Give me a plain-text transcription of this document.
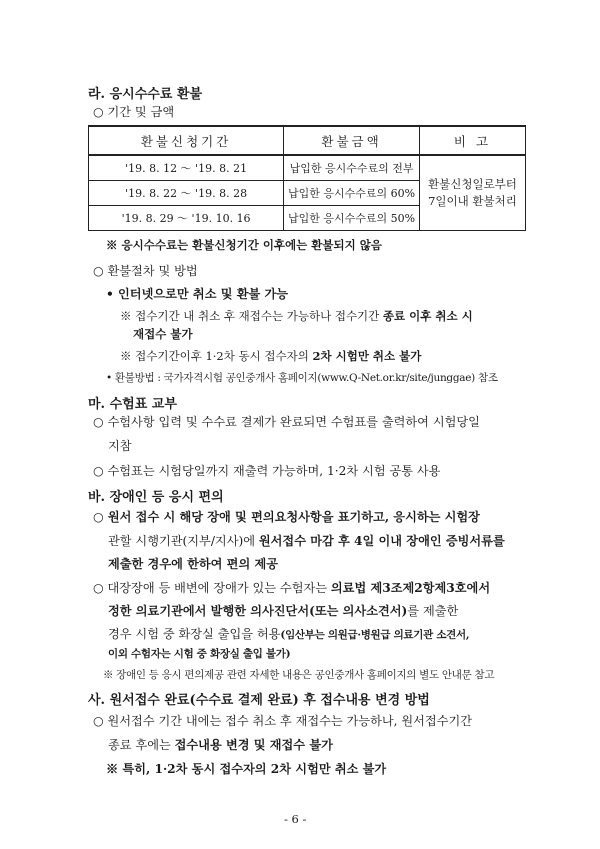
라. 응시수수료 환불
○ 기간 및 금액
환불신청기간	환불금액	비 고
'19. 8. 12 ～ '19. 8. 21	납입한 응시수수료의 전부	환불신청일로부터
7일이내 환불처리

'19. 8. 22 ～ '19. 8. 28	납입한 응시수수료의 60%	
'19. 8. 29 ～ '19. 10. 16	납입한 응시수수료의 50%	
※ 응시수수료는 환불신청기간 이후에는 환불되지 않음
○ 환불절차 및 방법
• 인터넷으로만 취소 및 환불 가능
※ 접수기간 내 취소 후 재접수는 가능하나 접수기간 종료 이후 취소 시
재접수 불가
※ 접수기간이후 1·2차 동시 접수자의 2차 시험만 취소 불가
• 환불방법 : 국가자격시험 공인중개사 홈페이지(www.Q-Net.or.kr/site/junggae) 참조
마. 수험표 교부
○ 수험사항 입력 및 수수료 결제가 완료되면 수험표를 출력하여 시험당일
지참
○ 수험표는 시험당일까지 재출력 가능하며, 1·2차 시험 공통 사용
바. 장애인 등 응시 편의
○ 원서 접수 시 해당 장애 및 편의요청사항을 표기하고, 응시하는 시험장
관할 시행기관(지부/지사)에 원서접수 마감 후 4일 이내 장애인 증빙서류를
제출한 경우에 한하여 편의 제공
○ 대장장애 등 배변에 장애가 있는 수험자는 의료법 제3조제2항제3호에서
정한 의료기관에서 발행한 의사진단서(또는 의사소견서)를 제출한
경우 시험 중 화장실 출입을 허용(임산부는 의원급·병원급 의료기관 소견서,
이외 수험자는 시험 중 화장실 출입 불가)
※ 장애인 등 응시 편의제공 관련 자세한 내용은 공인중개사 홈페이지의 별도 안내문 참고
사. 원서접수 완료(수수료 결제 완료) 후 접수내용 변경 방법
○ 원서접수 기간 내에는 접수 취소 후 재접수는 가능하나, 원서접수기간
종료 후에는 접수내용 변경 및 재접수 불가
※ 특히, 1·2차 동시 접수자의 2차 시험만 취소 불가
- 6 -
